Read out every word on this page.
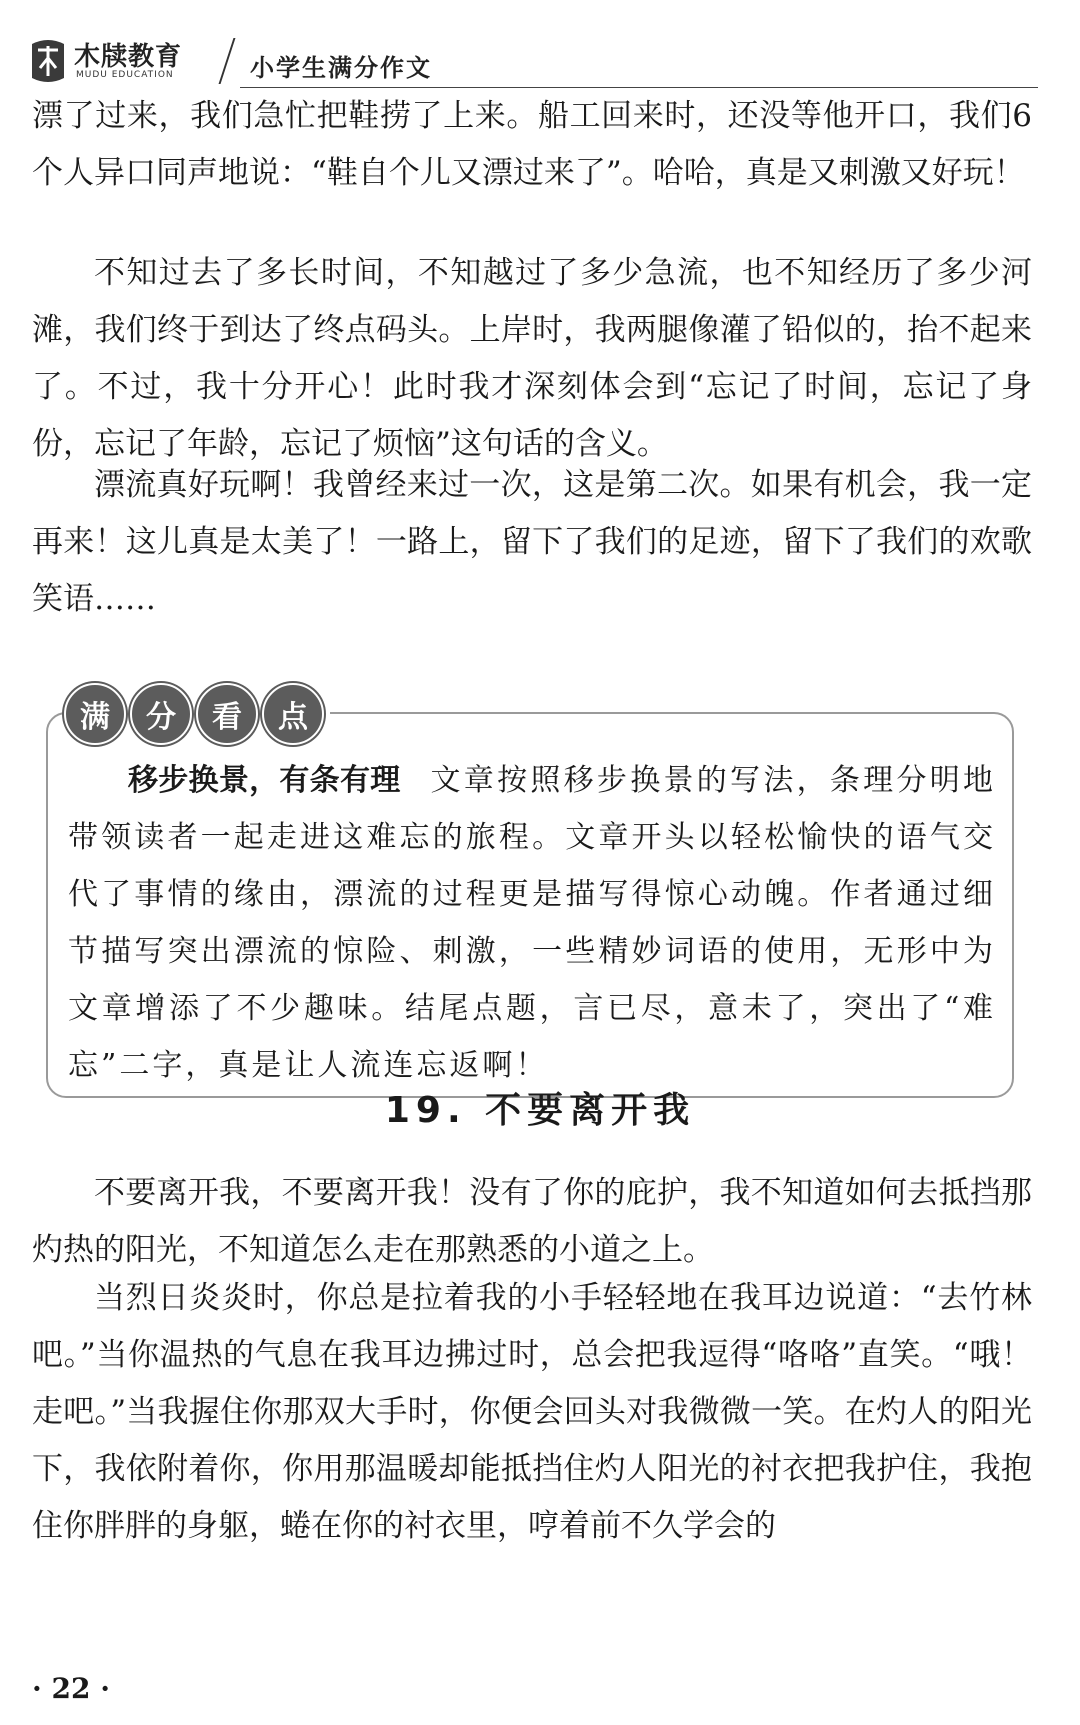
木牍教育
MUDU EDUCATION	小学生满分作文

漂了过来，我们急忙把鞋捞了上来。船工回来时，还没等他开口，我们6个人异口同声地说：“鞋自个儿又漂过来了”。哈哈，真是又刺激又好玩！

不知过去了多长时间，不知越过了多少急流，也不知经历了多少河滩，我们终于到达了终点码头。上岸时，我两腿像灌了铅似的，抬不起来了。不过，我十分开心！此时我才深刻体会到“忘记了时间，忘记了身份，忘记了年龄，忘记了烦恼”这句话的含义。

漂流真好玩啊！我曾经来过一次，这是第二次。如果有机会，我一定再来！这儿真是太美了！一路上，留下了我们的足迹，留下了我们的欢歌笑语……

满	分	看	点

移步换景，有条有理 文章按照移步换景的写法，条理分明地带领读者一起走进这难忘的旅程。文章开头以轻松愉快的语气交代了事情的缘由，漂流的过程更是描写得惊心动魄。作者通过细节描写突出漂流的惊险、刺激，一些精妙词语的使用，无形中为文章增添了不少趣味。结尾点题，言已尽，意未了，突出了“难忘”二字，真是让人流连忘返啊！

19. 不要离开我

不要离开我，不要离开我！没有了你的庇护，我不知道如何去抵挡那灼热的阳光，不知道怎么走在那熟悉的小道之上。

当烈日炎炎时，你总是拉着我的小手轻轻地在我耳边说道：“去竹林吧。”当你温热的气息在我耳边拂过时，总会把我逗得“咯咯”直笑。“哦！走吧。”当我握住你那双大手时，你便会回头对我微微一笑。在灼人的阳光下，我依附着你，你用那温暖却能抵挡住灼人阳光的衬衣把我护住，我抱住你胖胖的身躯，蜷在你的衬衣里，哼着前不久学会的

· 22 ·
